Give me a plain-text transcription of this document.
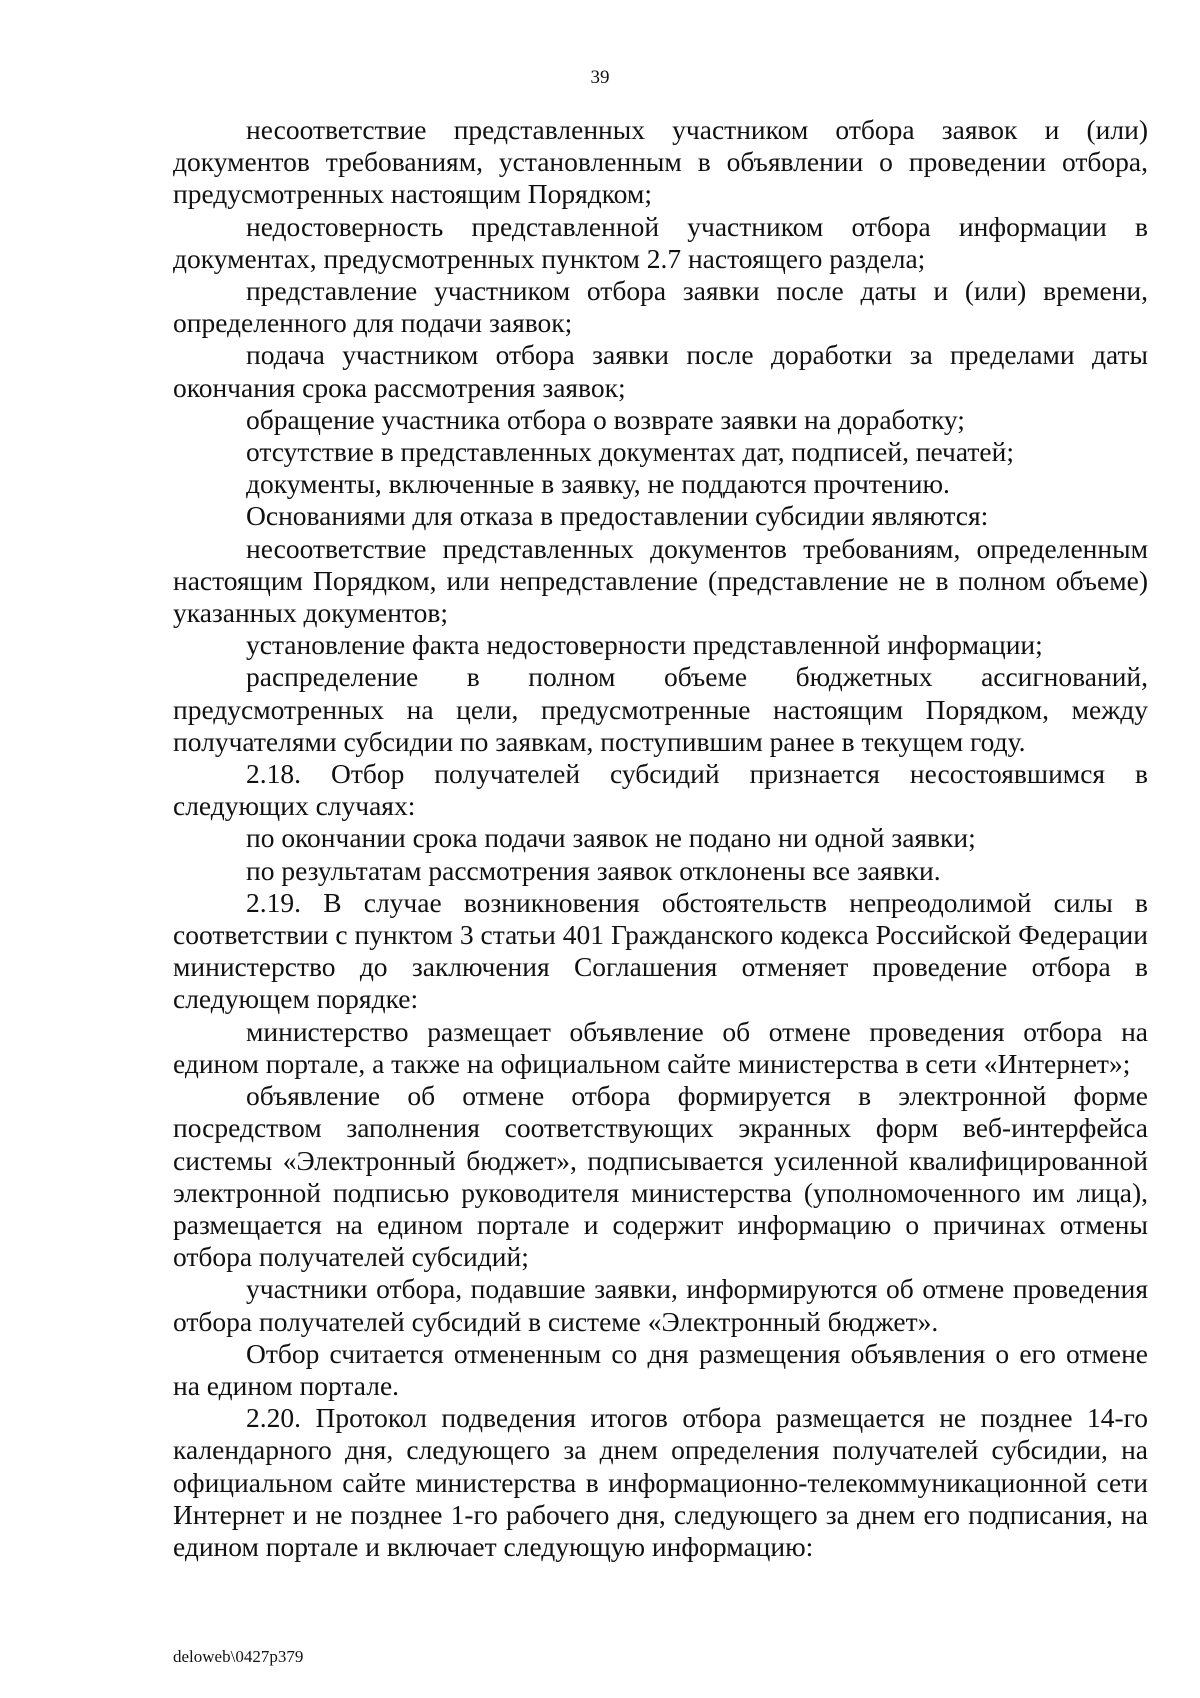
39

несоответствие представленных участником отбора заявок и (или) документов требованиям, установленным в объявлении о проведении отбора, предусмотренных настоящим Порядком;

недостоверность представленной участником отбора информации в документах, предусмотренных пунктом 2.7 настоящего раздела;

представление участником отбора заявки после даты и (или) времени, определенного для подачи заявок;

подача участником отбора заявки после доработки за пределами даты окончания срока рассмотрения заявок;

обращение участника отбора о возврате заявки на доработку;

отсутствие в представленных документах дат, подписей, печатей;

документы, включенные в заявку, не поддаются прочтению.

Основаниями для отказа в предоставлении субсидии являются:

несоответствие представленных документов требованиям, определенным настоящим Порядком, или непредставление (представление не в полном объеме) указанных документов;

установление факта недостоверности представленной информации;

распределение в полном объеме бюджетных ассигнований, предусмотренных на цели, предусмотренные настоящим Порядком, между получателями субсидии по заявкам, поступившим ранее в текущем году.

2.18. Отбор получателей субсидий признается несостоявшимся в следующих случаях:

по окончании срока подачи заявок не подано ни одной заявки;

по результатам рассмотрения заявок отклонены все заявки.

2.19. В случае возникновения обстоятельств непреодолимой силы в соответствии с пунктом 3 статьи 401 Гражданского кодекса Российской Федерации министерство до заключения Соглашения отменяет проведение отбора в следующем порядке:

министерство размещает объявление об отмене проведения отбора на едином портале, а также на официальном сайте министерства в сети «Интернет»;

объявление об отмене отбора формируется в электронной форме посредством заполнения соответствующих экранных форм веб-интерфейса системы «Электронный бюджет», подписывается усиленной квалифицированной электронной подписью руководителя министерства (уполномоченного им лица), размещается на едином портале и содержит информацию о причинах отмены отбора получателей субсидий;

участники отбора, подавшие заявки, информируются об отмене проведения отбора получателей субсидий в системе «Электронный бюджет».

Отбор считается отмененным со дня размещения объявления о его отмене на едином портале.

2.20. Протокол подведения итогов отбора размещается не позднее 14-го календарного дня, следующего за днем определения получателей субсидии, на официальном сайте министерства в информационно-телекоммуникационной сети Интернет и не позднее 1-го рабочего дня, следующего за днем его подписания, на едином портале и включает следующую информацию:

deloweb\0427p379
